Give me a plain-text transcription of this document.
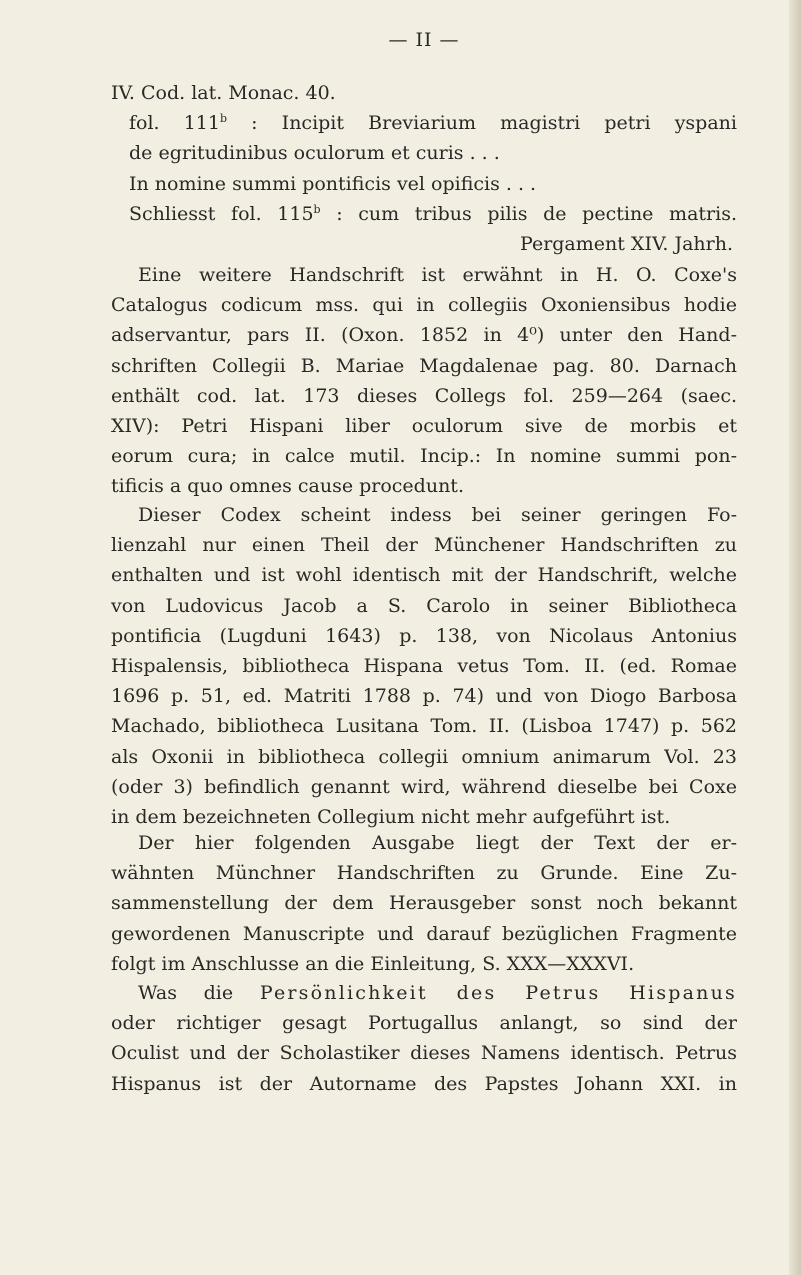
— II —
IV. Cod. lat. Monac. 40.
fol. 111$^b$ : Incipit Breviarium magistri petri yspani
de egritudinibus oculorum et curis . . .
In nomine summi pontificis vel opificis . . .
Schliesst fol. 115$^b$ : cum tribus pilis de pectine matris.
Pergament XIV. Jahrh.
Eine weitere Handschrift ist erwähnt in H. O. Coxe's
Catalogus codicum mss. qui in collegiis Oxoniensibus hodie
adservantur, pars II. (Oxon. 1852 in 4⁰) unter den Hand-
schriften Collegii B. Mariae Magdalenae pag. 80. Darnach
enthält cod. lat. 173 dieses Collegs fol. 259—264 (saec.
XIV): Petri Hispani liber oculorum sive de morbis et
eorum cura; in calce mutil. Incip.: In nomine summi pon-
tificis a quo omnes cause procedunt.
Dieser Codex scheint indess bei seiner geringen Fo-
lienzahl nur einen Theil der Münchener Handschriften zu
enthalten und ist wohl identisch mit der Handschrift, welche
von Ludovicus Jacob a S. Carolo in seiner Bibliotheca
pontificia (Lugduni 1643) p. 138, von Nicolaus Antonius
Hispalensis, bibliotheca Hispana vetus Tom. II. (ed. Romae
1696 p. 51, ed. Matriti 1788 p. 74) und von Diogo Barbosa
Machado, bibliotheca Lusitana Tom. II. (Lisboa 1747) p. 562
als Oxonii in bibliotheca collegii omnium animarum Vol. 23
(oder 3) befindlich genannt wird, während dieselbe bei Coxe
in dem bezeichneten Collegium nicht mehr aufgeführt ist.
Der hier folgenden Ausgabe liegt der Text der er-
wähnten Münchner Handschriften zu Grunde. Eine Zu-
sammenstellung der dem Herausgeber sonst noch bekannt
gewordenen Manuscripte und darauf bezüglichen Fragmente
folgt im Anschlusse an die Einleitung, S. XXX—XXXVI.
Was die Persönlichkeit des Petrus Hispanus
oder richtiger gesagt Portugallus anlangt, so sind der
Oculist und der Scholastiker dieses Namens identisch. Petrus
Hispanus ist der Autorname des Papstes Johann XXI. in
